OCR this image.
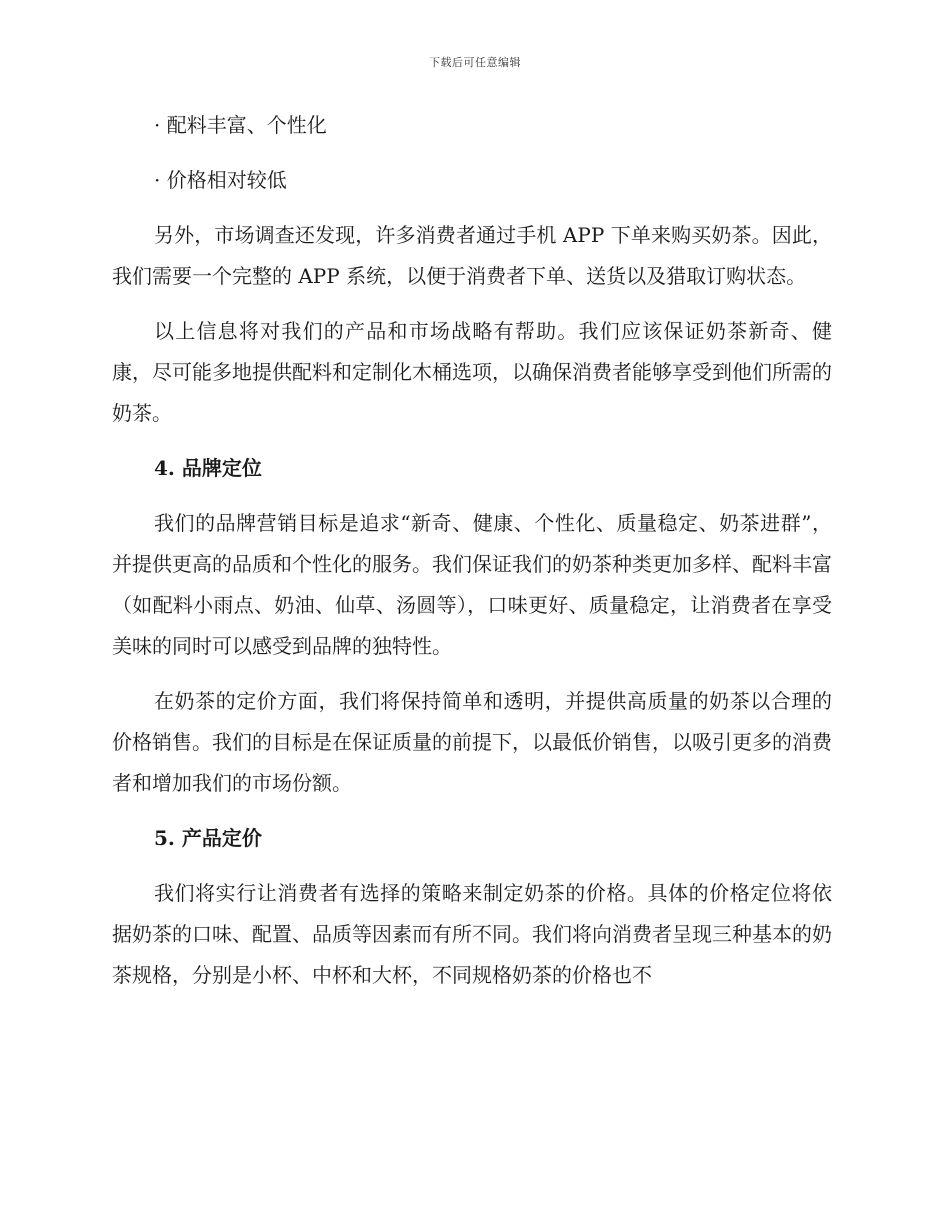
下载后可任意编辑
· 配料丰富、个性化
· 价格相对较低

另外，市场调查还发现，许多消费者通过手机 APP 下单来购买奶茶。因此，我们需要一个完整的 APP 系统，以便于消费者下单、送货以及猎取订购状态。

以上信息将对我们的产品和市场战略有帮助。我们应该保证奶茶新奇、健康，尽可能多地提供配料和定制化木桶选项，以确保消费者能够享受到他们所需的奶茶。

4. 品牌定位

我们的品牌营销目标是追求“新奇、健康、个性化、质量稳定、奶茶进群”，并提供更高的品质和个性化的服务。我们保证我们的奶茶种类更加多样、配料丰富（如配料小雨点、奶油、仙草、汤圆等），口味更好、质量稳定，让消费者在享受美味的同时可以感受到品牌的独特性。

在奶茶的定价方面，我们将保持简单和透明，并提供高质量的奶茶以合理的价格销售。我们的目标是在保证质量的前提下，以最低价销售，以吸引更多的消费者和增加我们的市场份额。

5. 产品定价

我们将实行让消费者有选择的策略来制定奶茶的价格。具体的价格定位将依据奶茶的口味、配置、品质等因素而有所不同。我们将向消费者呈现三种基本的奶茶规格，分别是小杯、中杯和大杯，不同规格奶茶的价格也不
